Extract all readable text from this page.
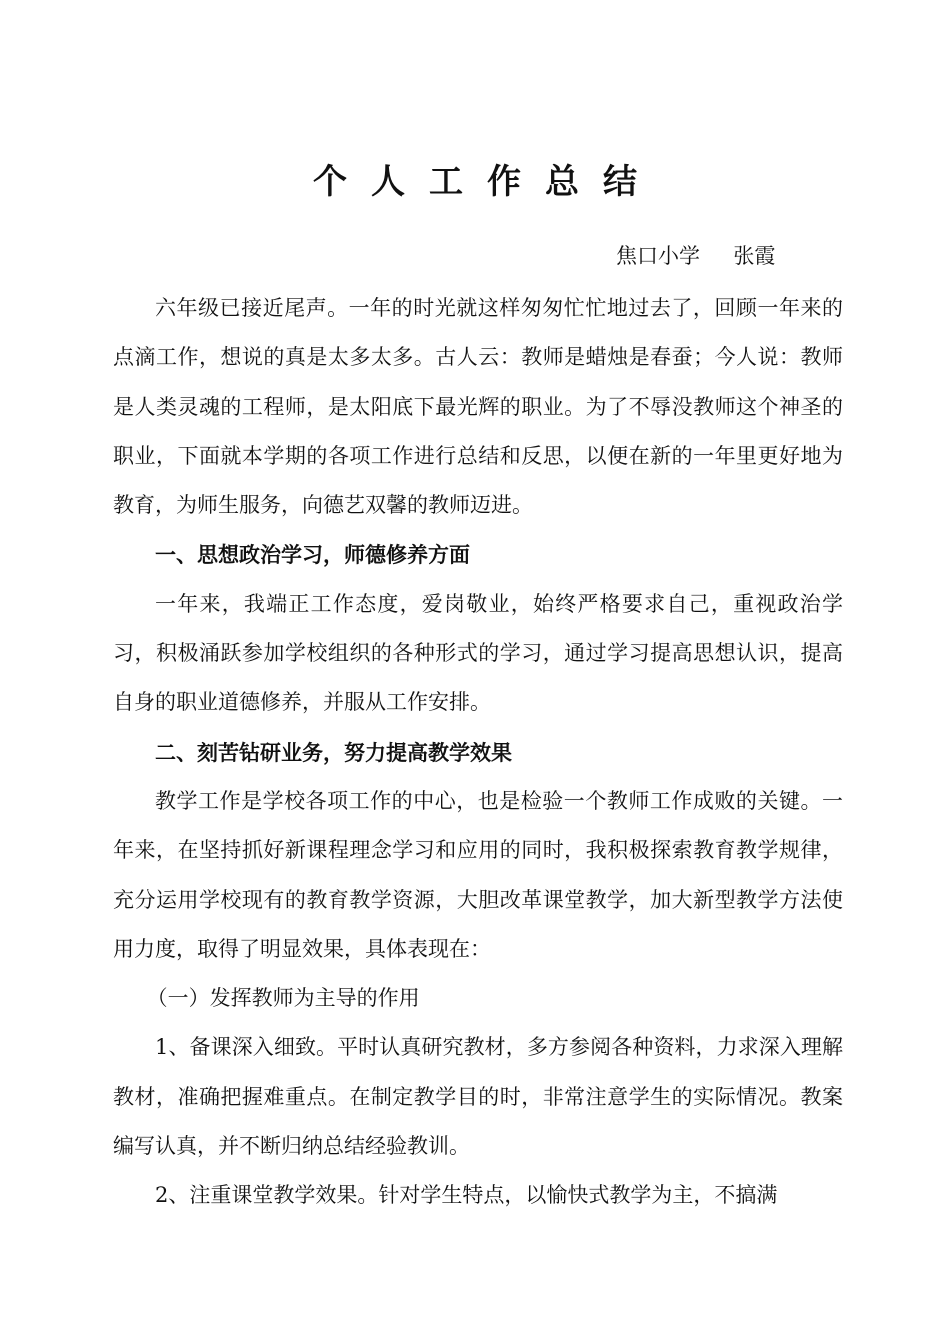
个人工作总结
焦口小学     张霞

六年级已接近尾声。一年的时光就这样匆匆忙忙地过去了，回顾一年来的点滴工作，想说的真是太多太多。古人云：教师是蜡烛是春蚕；今人说：教师是人类灵魂的工程师，是太阳底下最光辉的职业。为了不辱没教师这个神圣的职业，下面就本学期的各项工作进行总结和反思，以便在新的一年里更好地为教育，为师生服务，向德艺双馨的教师迈进。

一、思想政治学习，师德修养方面

一年来，我端正工作态度，爱岗敬业，始终严格要求自己，重视政治学习，积极涌跃参加学校组织的各种形式的学习，通过学习提高思想认识，提高自身的职业道德修养，并服从工作安排。

二、刻苦钻研业务，努力提高教学效果

教学工作是学校各项工作的中心，也是检验一个教师工作成败的关键。一年来，在坚持抓好新课程理念学习和应用的同时，我积极探索教育教学规律，充分运用学校现有的教育教学资源，大胆改革课堂教学，加大新型教学方法使用力度，取得了明显效果，具体表现在：

（一）发挥教师为主导的作用

1、备课深入细致。平时认真研究教材，多方参阅各种资料，力求深入理解教材，准确把握难重点。在制定教学目的时，非常注意学生的实际情况。教案编写认真，并不断归纳总结经验教训。

2、注重课堂教学效果。针对学生特点，以愉快式教学为主，不搞满
